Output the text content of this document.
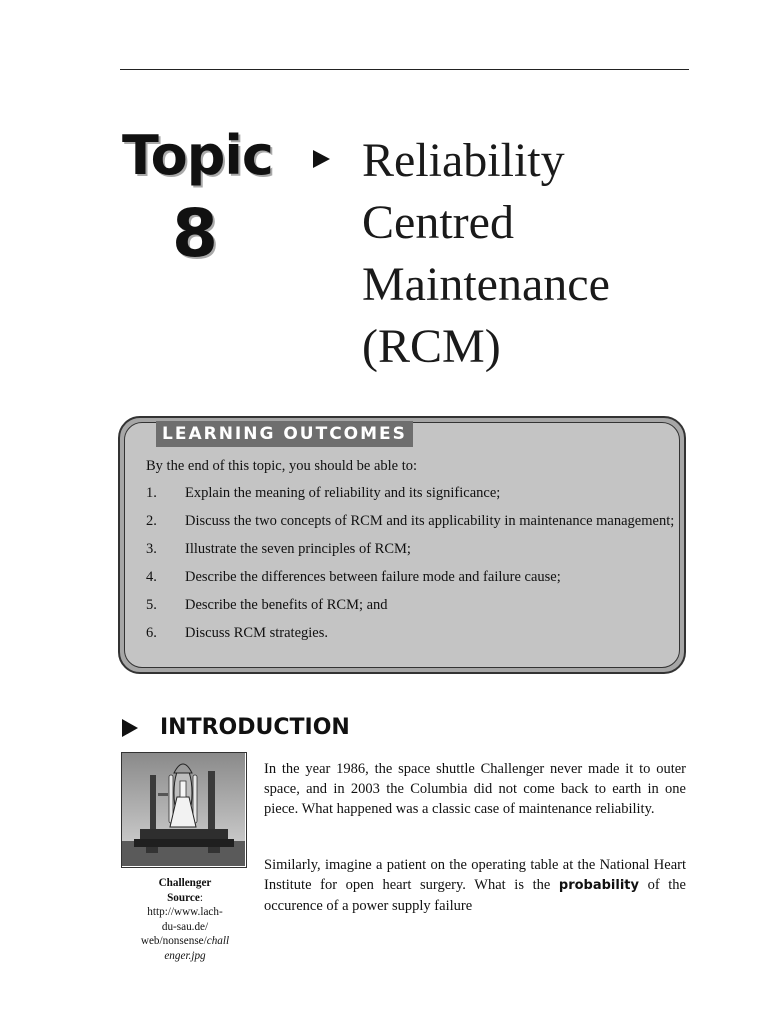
Topic
8
Reliability
Centred
Maintenance
(RCM)
LEARNING OUTCOMES
By the end of this topic, you should be able to:
1.	Explain the meaning of reliability and its significance;
2.	Discuss the two concepts of RCM and its applicability in maintenance management;
3.	Illustrate the seven principles of RCM;
4.	Describe the differences between failure mode and failure cause;
5.	Describe the benefits of RCM; and
6.	Discuss RCM strategies.
INTRODUCTION
Challenger
Source:
http://www.lach-
du-sau.de/
web/nonsense/chall
enger.jpg

In the year 1986, the space shuttle Challenger never made it to outer space, and in 2003 the Columbia did not come back to earth in one piece. What happened was a classic case of maintenance reliability.

Similarly, imagine a patient on the operating table at the National Heart Institute for open heart surgery. What is the probability of the occurence of a power supply failure
